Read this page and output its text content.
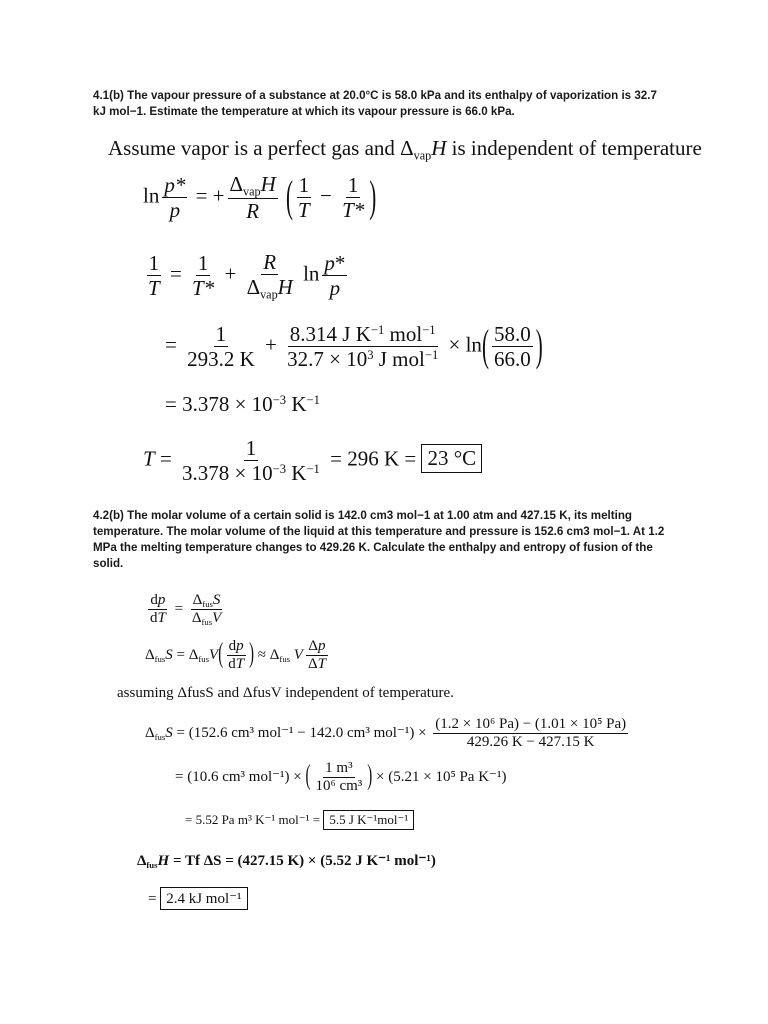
4.1(b) The vapour pressure of a substance at 20.0°C is 58.0 kPa and its enthalpy of vaporization is 32.7 kJ mol−1. Estimate the temperature at which its vapour pressure is 66.0 kPa.
Assume vapor is a perfect gas and $\Delta_{vap}H$ is independent of temperature
$\ln \frac{p*}{p}$ = + $\frac{\Delta_{vap}H}{R}$ ( $\frac{1}{T} - \frac{1}{T*}$ )
$\frac{1}{T} = \frac{1}{T*} + \frac{R}{\Delta_{vap}H}$ $\ln \frac{p*}{p}$
= $\frac{1}{293.2 K} + \frac{8.314 J K^{-1} mol^{-1}}{32.7 \times 10^3 J mol^{-1}} \times \ln( \frac{58.0}{66.0}$ )
= $3.378 \times 10^{-3}$ $K^{-1}$
$T = \frac{1}{3.378 \times 10^{-3} K^{-1}} = 296$ K = 23 °C
4.2(b) The molar volume of a certain solid is 142.0 cm3 mol−1 at 1.00 atm and 427.15 K, its melting temperature. The molar volume of the liquid at this temperature and pressure is 152.6 cm3 mol−1. At 1.2 MPa the melting temperature changes to 429.26 K. Calculate the enthalpy and entropy of fusion of the solid.
$\frac{dp}{dT} = \frac{\Delta_{fus}S}{\Delta_{fus}V}$
$\Delta_{fus}S = \Delta_{fus}V( \frac{dp}{dT}$ ) ≈ $\Delta_{fus}$ V $\frac{\Delta p}{\Delta T}$
assuming ΔfusS and ΔfusV independent of temperature.
$\Delta_{fus}S = (152.6$ cm³ mol⁻¹ − 142.0 cm³ $mol^{-1}) \times \frac{\text{(1.2 × 10⁶ Pa) − (1.01 × 10⁵ Pa)}}{429.26 K - 427.15 K}$
= (10.6 cm³ mol⁻¹) × ( $\frac{\text{1 m³}}{\text{10⁶ cm³}}$ ) × (5.21 × 10⁵ Pa K⁻¹)
= 5.52 Pa m³ K⁻¹ mol⁻¹ = 5.5 J K⁻¹mol⁻¹
$\Delta_{fus}H = Tf$ ΔS = (427.15 K) × (5.52 J K⁻¹ mol⁻¹)
= 2.4 kJ mol⁻¹
